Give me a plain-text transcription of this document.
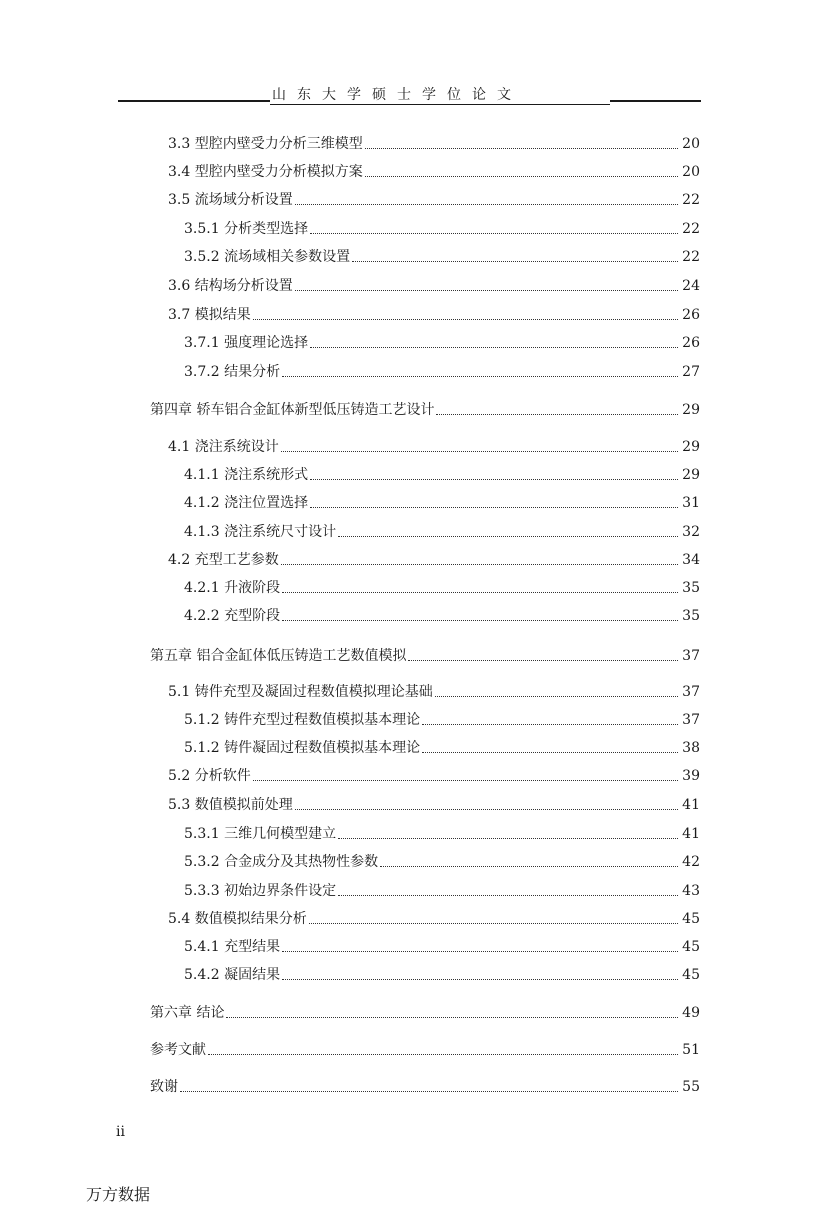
山东大学硕士学位论文
3.3 型腔内壁受力分析三维模型	20
3.4 型腔内壁受力分析模拟方案	20
3.5 流场域分析设置	22
3.5.1 分析类型选择	22
3.5.2 流场域相关参数设置	22
3.6 结构场分析设置	24
3.7 模拟结果	26
3.7.1 强度理论选择	26
3.7.2 结果分析	27
第四章 轿车铝合金缸体新型低压铸造工艺设计	29
4.1 浇注系统设计	29
4.1.1 浇注系统形式	29
4.1.2 浇注位置选择	31
4.1.3 浇注系统尺寸设计	32
4.2 充型工艺参数	34
4.2.1 升液阶段	35
4.2.2 充型阶段	35
第五章 铝合金缸体低压铸造工艺数值模拟	37
5.1 铸件充型及凝固过程数值模拟理论基础	37
5.1.2 铸件充型过程数值模拟基本理论	37
5.1.2 铸件凝固过程数值模拟基本理论	38
5.2 分析软件	39
5.3 数值模拟前处理	41
5.3.1 三维几何模型建立	41
5.3.2 合金成分及其热物性参数	42
5.3.3 初始边界条件设定	43
5.4 数值模拟结果分析	45
5.4.1 充型结果	45
5.4.2 凝固结果	45
第六章 结论	49
参考文献	51
致谢	55
ii
万方数据
